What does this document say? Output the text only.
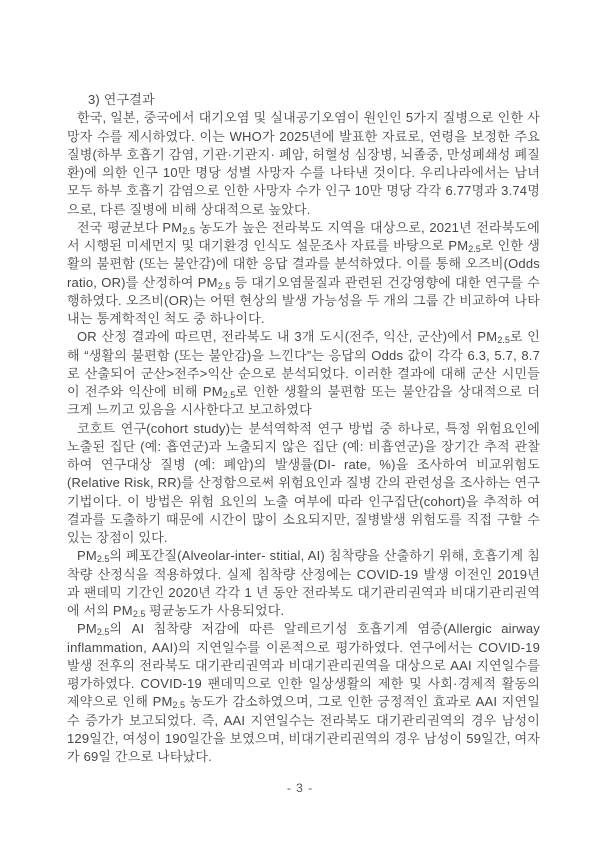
3) 연구결과

한국, 일본, 중국에서 대기오염 및 실내공기오염이 원인인 5가지 질병으로 인한 사망자 수를 제시하였다. 이는 WHO가 2025년에 발표한 자료로, 연령을 보정한 주요 질병(하부 호흡기 감염, 기관·기관지· 폐암, 허혈성 심장병, 뇌졸중, 만성폐쇄성 폐질환)에 의한 인구 10만 명당 성별 사망자 수를 나타낸 것이다. 우리나라에서는 남녀 모두 하부 호흡기 감염으로 인한 사망자 수가 인구 10만 명당 각각 6.77명과 3.74명으로, 다른 질병에 비해 상대적으로 높았다.

전국 평균보다 $PM_{2.5}$ 농도가 높은 전라북도 지역을 대상으로, 2021년 전라북도에서 시행된 미세먼지 및 대기환경 인식도 설문조사 자료를 바탕으로 $PM_{2.5}$로 인한 생활의 불편함 (또는 불안감)에 대한 응답 결과를 분석하였다. 이를 통해 오즈비(Odds ratio, OR)를 산정하여 $PM_{2.5}$ 등 대기오염물질과 관련된 건강영향에 대한 연구를 수행하였다. 오즈비(OR)는 어떤 현상의 발생 가능성을 두 개의 그룹 간 비교하여 나타내는 통계학적인 척도 중 하나이다.

OR 산정 결과에 따르면, 전라북도 내 3개 도시(전주, 익산, 군산)에서 $PM_{2.5}$로 인해 “생활의 불편함 (또는 불안감)을 느낀다”는 응답의 Odds 값이 각각 6.3, 5.7, 8.7로 산출되어 군산>전주>익산 순으로 분석되었다. 이러한 결과에 대해 군산 시민들이 전주와 익산에 비해 $PM_{2.5}$로 인한 생활의 불편함 또는 불안감을 상대적으로 더 크게 느끼고 있음을 시사한다고 보고하였다

코호트 연구(cohort study)는 분석역학적 연구 방법 중 하나로, 특정 위험요인에 노출된 집단 (예: 흡연군)과 노출되지 않은 집단 (예: 비흡연군)을 장기간 추적 관찰하여 연구대상 질병 (예: 폐암)의 발생률(DI- rate, %)을 조사하여 비교위험도(Relative Risk, RR)를 산정함으로써 위험요인과 질병 간의 관련성을 조사하는 연구기법이다. 이 방법은 위험 요인의 노출 여부에 따라 인구집단(cohort)을 추적하 여 결과를 도출하기 때문에 시간이 많이 소요되지만, 질병발생 위험도를 직접 구할 수 있는 장점이 있다.

$PM_{2.5}$의 폐포간질(Alveolar-inter- stitial, AI) 침착량을 산출하기 위해, 호흡기계 침착량 산정식을 적용하였다. 실제 침착량 산정에는 COVID-19 발생 이전인 2019년과 팬데믹 기간인 2020년 각각 1 년 동안 전라북도 대기관리권역과 비대기관리권역에 서의 $PM_{2.5}$ 평균농도가 사용되었다.

$PM_{2.5}$의 AI 침착량 저감에 따른 알레르기성 호흡기계 염증(Allergic airway inflammation, AAI)의 지연일수를 이론적으로 평가하였다. 연구에서는 COVID-19 발생 전후의 전라북도 대기관리권역과 비대기관리권역을 대상으로 AAI 지연일수를 평가하였다. COVID-19 팬데믹으로 인한 일상생활의 제한 및 사회·경제적 활동의 제약으로 인해 $PM_{2.5}$ 농도가 감소하였으며, 그로 인한 긍정적인 효과로 AAI 지연일수 증가가 보고되었다. 즉, AAI 지연일수는 전라북도 대기관리권역의 경우 남성이 129일간, 여성이 190일간을 보였으며, 비대기관리권역의 경우 남성이 59일간, 여자가 69일 간으로 나타났다.

- 3 -
